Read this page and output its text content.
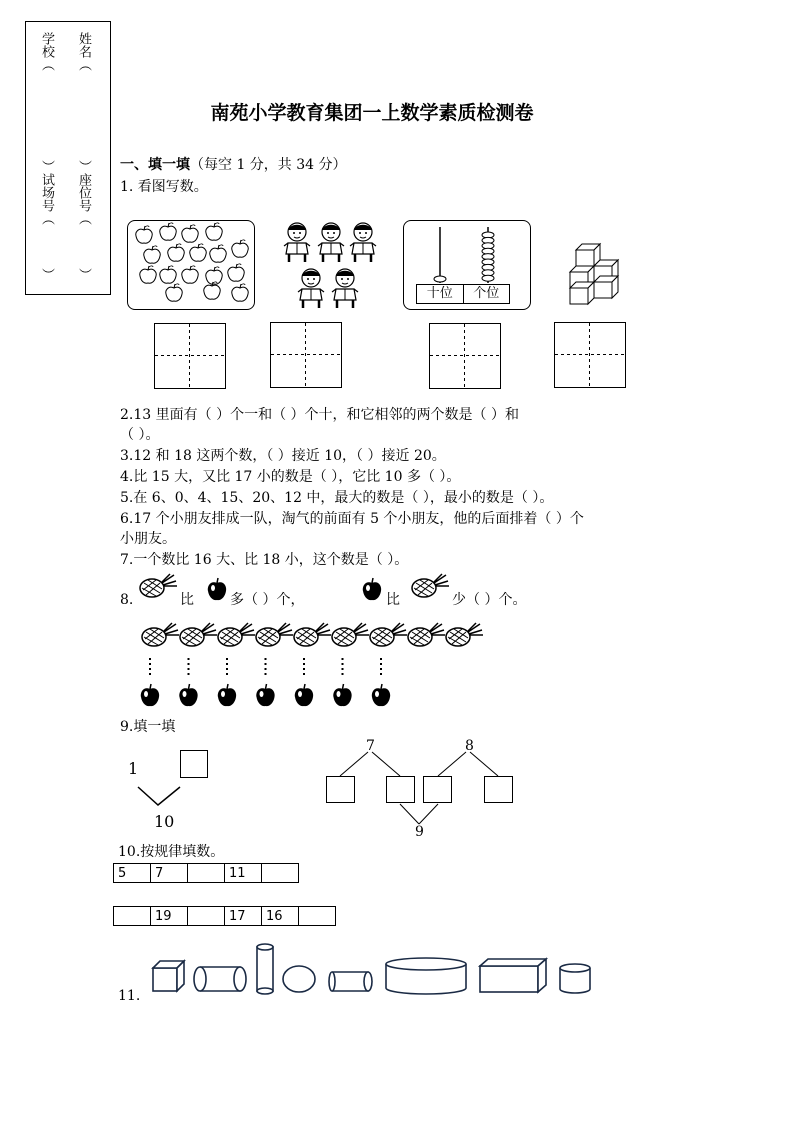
学校
（
）
试场号
（
姓名
（
）
座位号
（
） ）
南苑小学教育集团一上数学素质检测卷
一、填一填（每空 1 分，共 34 分）
1. 看图写数。
十位	个位
2.13 里面有（ ）个一和（ ）个十，和它相邻的两个数是（ ）和
（ ）。
3.12 和 18 这两个数，（ ）接近 10，（ ）接近 20。
4.比 15 大，又比 17 小的数是（ ），它比 10 多（ ）。
5.在 6、0、4、15、20、12 中，最大的数是（ ），最小的数是（ ）。
6.17 个小朋友排成一队，淘气的前面有 5 个小朋友，他的后面排着（ ）个
小朋友。
7.一个数比 16 大、比 18 小，这个数是（ ）。
8.	比	多（ ）个，	比	少（ ）个。
9.填一填
1
10
7	8
9
10.按规律填数。
5	7		11	
	19		17	16	
11.
